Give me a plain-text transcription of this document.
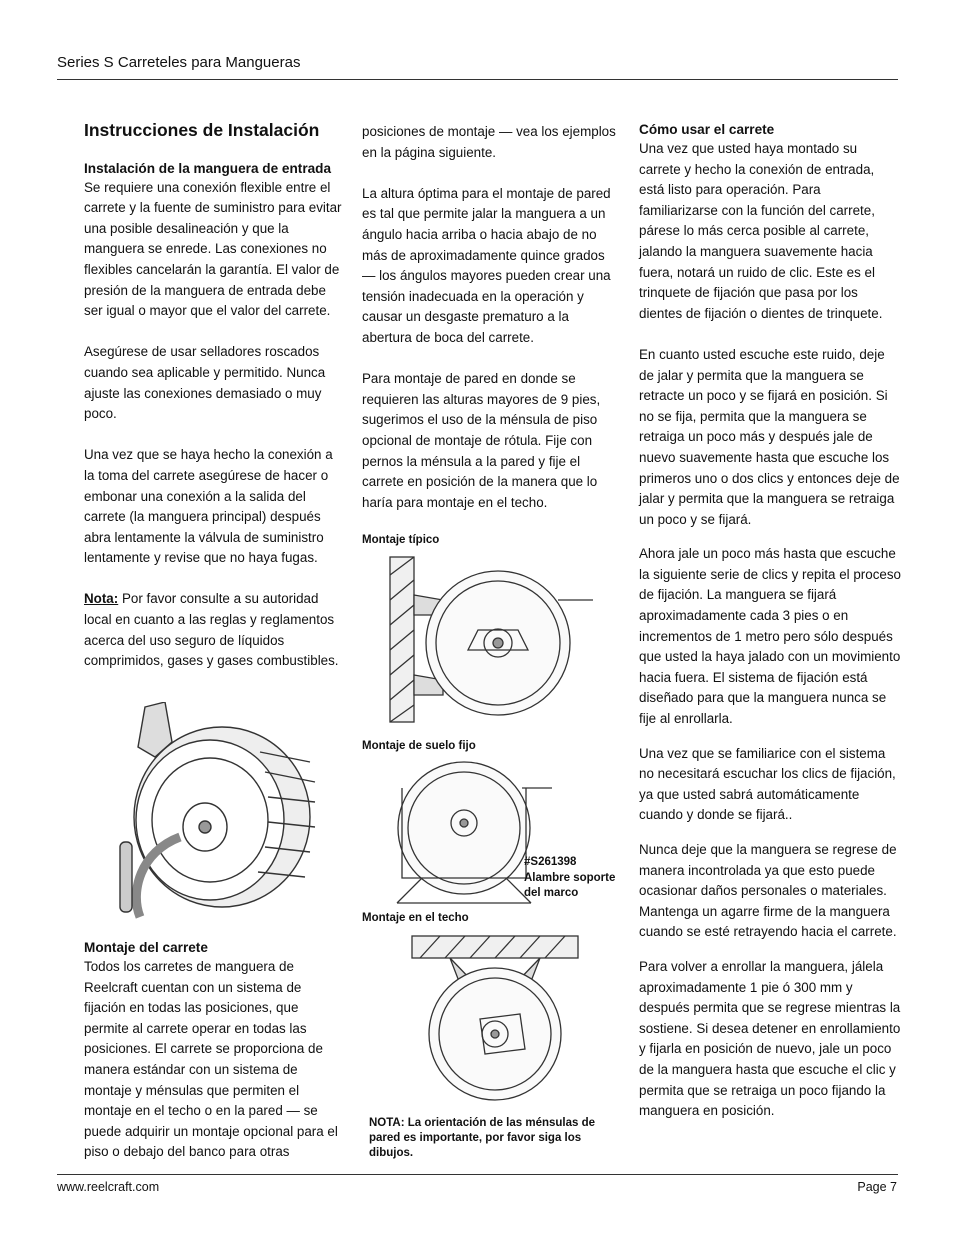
Series S Carreteles para Mangueras
Instrucciones de Instalación
Instalación de la manguera de entrada

Se requiere una conexión flexible entre el carrete y la fuente de suministro para evitar una posible desalineación y que la manguera se enrede. Las conexiones no flexibles cancelarán la garantía. El valor de presión de la manguera de entrada debe ser igual o mayor que el valor del carrete.

Asegúrese de usar selladores roscados cuando sea aplicable y permitido. Nunca ajuste las conexiones demasiado o muy poco.

Una vez que se haya hecho la conexión a la toma del carrete asegúrese de hacer o embonar una conexión a la salida del carrete (la manguera principal) después abra lentamente la válvula de suministro lentamente y revise que no haya fugas.

Nota: Por favor consulte a su autoridad local en cuanto a las reglas y reglamentos acerca del uso seguro de líquidos comprimidos, gases y gases combustibles.

Montaje del carrete

Todos los carretes de manguera de Reelcraft cuentan con un sistema de fijación en todas las posiciones, que permite al carrete operar en todas las posiciones. El carrete se proporciona de manera estándar con un sistema de montaje y ménsulas que permiten el montaje en el techo o en la pared — se puede adquirir un montaje opcional para el piso o debajo del banco para otras

posiciones de montaje — vea los ejemplos en la página siguiente.

La altura óptima para el montaje de pared es tal que permite jalar la manguera a un ángulo hacia arriba o hacia abajo de no más de aproximadamente quince grados — los ángulos mayores pueden crear una tensión inadecuada en la operación y causar un desgaste prematuro a la abertura de boca del carrete.

Para montaje de pared en donde se requieren las alturas mayores de 9 pies, sugerimos el uso de la ménsula de piso opcional de montaje de rótula. Fije con pernos la ménsula a la pared y fije el carrete en posición de la manera que lo haría para montaje en el techo.

Montaje típico
Montaje de suelo fijo
#S261398
Alambre soporte del marco
Montaje en el techo
NOTA: La orientación de las ménsulas de pared es importante, por favor siga los dibujos.
Cómo usar el carrete

Una vez que usted haya montado su carrete y hecho la conexión de entrada, está listo para operación. Para familiarizarse con la función del carrete, párese lo más cerca posible al carrete, jalando la manguera suavemente hacia fuera, notará un ruido de clic. Este es el trinquete de fijación que pasa por los dientes de fijación o dientes de trinquete.

En cuanto usted escuche este ruido, deje de jalar y permita que la manguera se retracte un poco y se fijará en posición. Si no se fija, permita que la manguera se retraiga un poco más y después jale de nuevo suavemente hasta que escuche los primeros uno o dos clics y entonces deje de jalar y permita que la manguera se retraiga un poco y se fijará.

Ahora jale un poco más hasta que escuche la siguiente serie de clics y repita el proceso de fijación. La manguera se fijará aproximadamente cada 3 pies o en incrementos de 1 metro pero sólo después que usted la haya jalado con un movimiento hacia fuera. El sistema de fijación está diseñado para que la manguera nunca se fije al enrollarla.

Una vez que se familiarice con el sistema no necesitará escuchar los clics de fijación, ya que usted sabrá automáticamente cuando y donde se fijará..

Nunca deje que la manguera se regrese de manera incontrolada ya que esto puede ocasionar daños personales o materiales. Mantenga un agarre firme de la manguera cuando se esté retrayendo hacia el carrete.

Para volver a enrollar la manguera, jálela aproximadamente 1 pie ó 300 mm y después permita que se regrese mientras la sostiene. Si desea detener en enrollamiento y fijarla en posición de nuevo, jale un poco de la manguera hasta que escuche el clic y permita que se retraiga un poco fijando la manguera en posición.

www.reelcraft.com	Page 7
